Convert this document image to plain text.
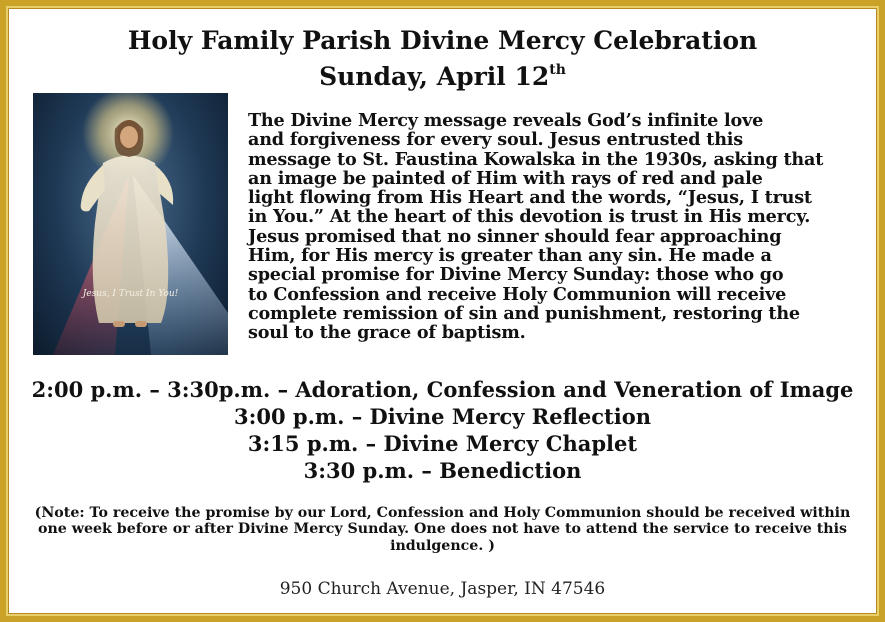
Holy Family Parish Divine Mercy Celebration
Sunday, April 12th
Jesus, I Trust In You!
The Divine Mercy message reveals God’s infinite love
and forgiveness for every soul. Jesus entrusted this
message to St. Faustina Kowalska in the 1930s, asking that
an image be painted of Him with rays of red and pale
light flowing from His Heart and the words, “Jesus, I trust
in You.” At the heart of this devotion is trust in His mercy.
Jesus promised that no sinner should fear approaching
Him, for His mercy is greater than any sin. He made a
special promise for Divine Mercy Sunday: those who go
to Confession and receive Holy Communion will receive
complete remission of sin and punishment, restoring the
soul to the grace of baptism.
2:00 p.m. – 3:30p.m. – Adoration, Confession and Veneration of Image
3:00 p.m. – Divine Mercy Reflection
3:15 p.m. – Divine Mercy Chaplet
3:30 p.m. – Benediction
(Note: To receive the promise by our Lord, Confession and Holy Communion should be received within one week before or after Divine Mercy Sunday. One does not have to attend the service to receive this indulgence. )
950 Church Avenue, Jasper, IN 47546
